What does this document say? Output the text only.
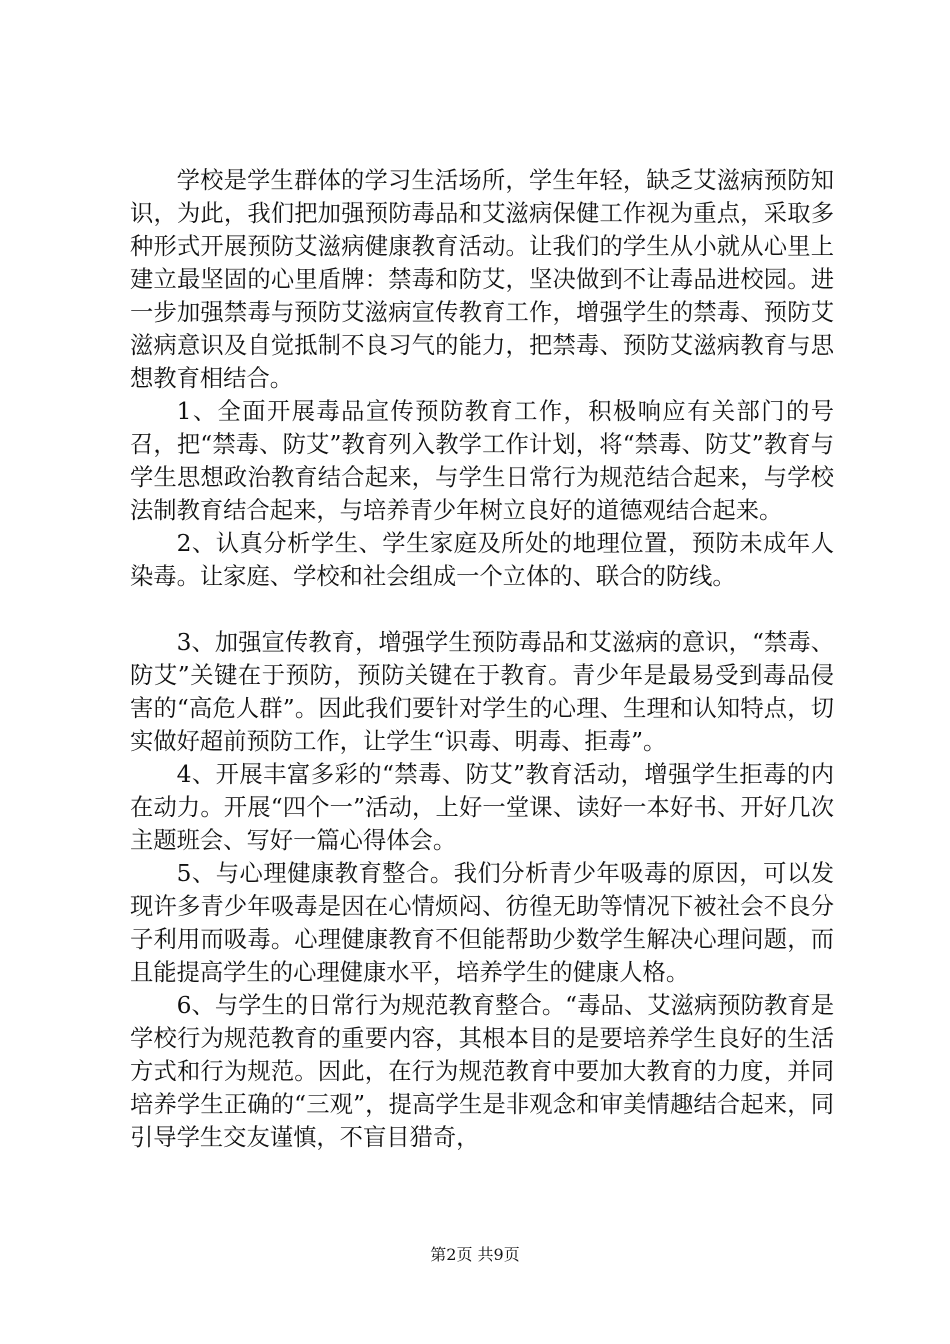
学校是学生群体的学习生活场所，学生年轻，缺乏艾滋病预防知识，为此，我们把加强预防毒品和艾滋病保健工作视为重点，采取多种形式开展预防艾滋病健康教育活动。让我们的学生从小就从心里上建立最坚固的心里盾牌：禁毒和防艾，坚决做到不让毒品进校园。进一步加强禁毒与预防艾滋病宣传教育工作，增强学生的禁毒、预防艾滋病意识及自觉抵制不良习气的能力，把禁毒、预防艾滋病教育与思想教育相结合。

1、全面开展毒品宣传预防教育工作，积极响应有关部门的号召，把“禁毒、防艾”教育列入教学工作计划，将“禁毒、防艾”教育与学生思想政治教育结合起来，与学生日常行为规范结合起来，与学校法制教育结合起来，与培养青少年树立良好的道德观结合起来。

2、认真分析学生、学生家庭及所处的地理位置，预防未成年人染毒。让家庭、学校和社会组成一个立体的、联合的防线。

3、加强宣传教育，增强学生预防毒品和艾滋病的意识，“禁毒、防艾”关键在于预防，预防关键在于教育。青少年是最易受到毒品侵害的“高危人群”。因此我们要针对学生的心理、生理和认知特点，切实做好超前预防工作，让学生“识毒、明毒、拒毒”。

4、开展丰富多彩的“禁毒、防艾”教育活动，增强学生拒毒的内在动力。开展“四个一”活动，上好一堂课、读好一本好书、开好几次主题班会、写好一篇心得体会。

5、与心理健康教育整合。我们分析青少年吸毒的原因，可以发现许多青少年吸毒是因在心情烦闷、彷徨无助等情况下被社会不良分子利用而吸毒。心理健康教育不但能帮助少数学生解决心理问题，而且能提高学生的心理健康水平，培养学生的健康人格。

6、与学生的日常行为规范教育整合。“毒品、艾滋病预防教育是学校行为规范教育的重要内容，其根本目的是要培养学生良好的生活方式和行为规范。因此，在行为规范教育中要加大教育的力度，并同培养学生正确的“三观”，提高学生是非观念和审美情趣结合起来，同引导学生交友谨慎，不盲目猎奇，

第2页 共9页
